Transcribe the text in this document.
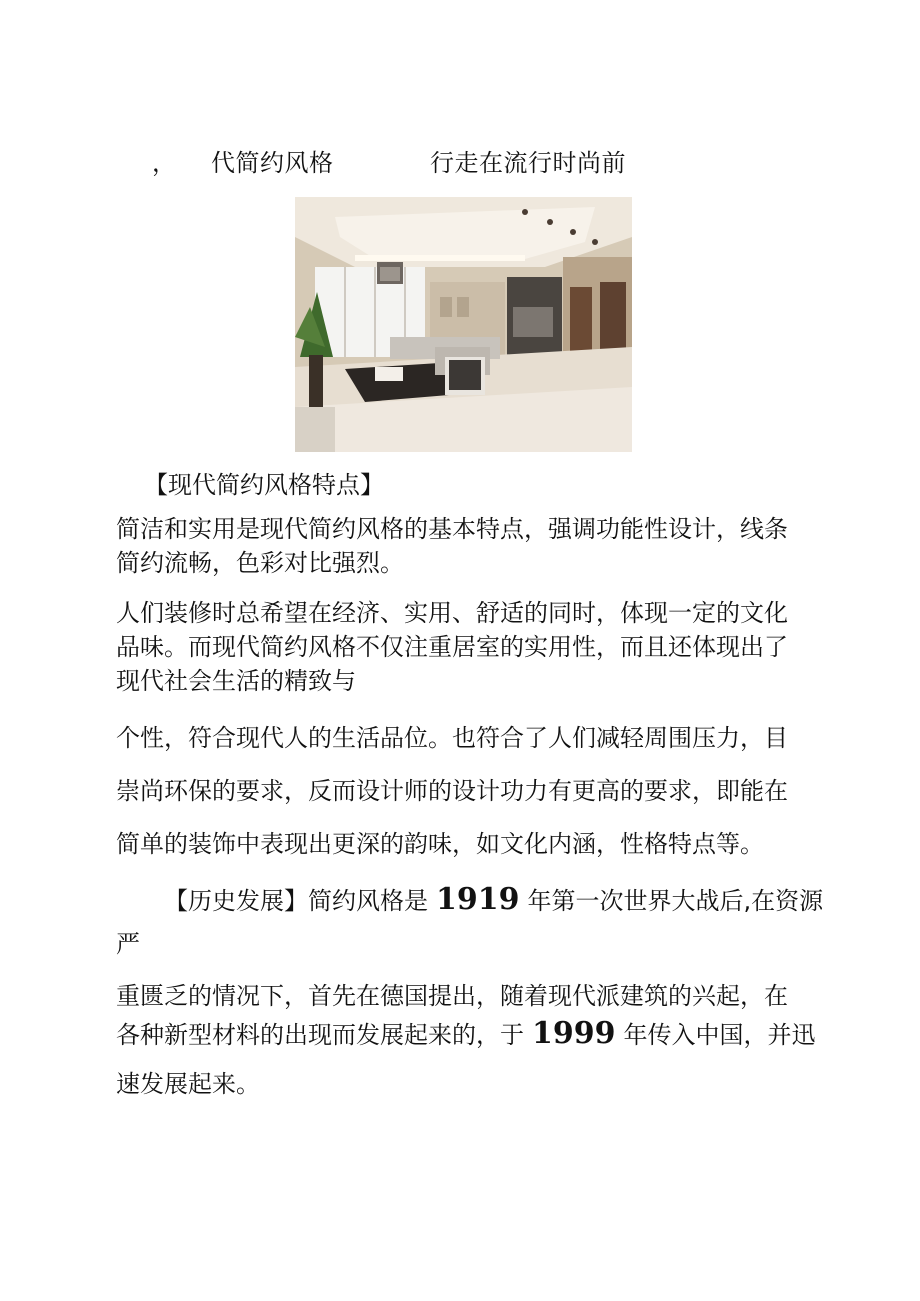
， 代简约风格	行走在流行时尚前
【现代简约风格特点】
简洁和实用是现代简约风格的基本特点，强调功能性设计，线条
简约流畅，色彩对比强烈。
人们装修时总希望在经济、实用、舒适的同时，体现一定的文化
品味。而现代简约风格不仅注重居室的实用性，而且还体现出了
现代社会生活的精致与
个性，符合现代人的生活品位。也符合了人们减轻周围压力，目
崇尚环保的要求，反而设计师的设计功力有更高的要求，即能在
简单的装饰中表现出更深的韵味，如文化内涵，性格特点等。
【历史发展】简约风格是 1919 年第一次世界大战后,在资源
严
重匮乏的情况下，首先在德国提出，随着现代派建筑的兴起，在
各种新型材料的出现而发展起来的，于 1999 年传入中国，并迅
速发展起来。
